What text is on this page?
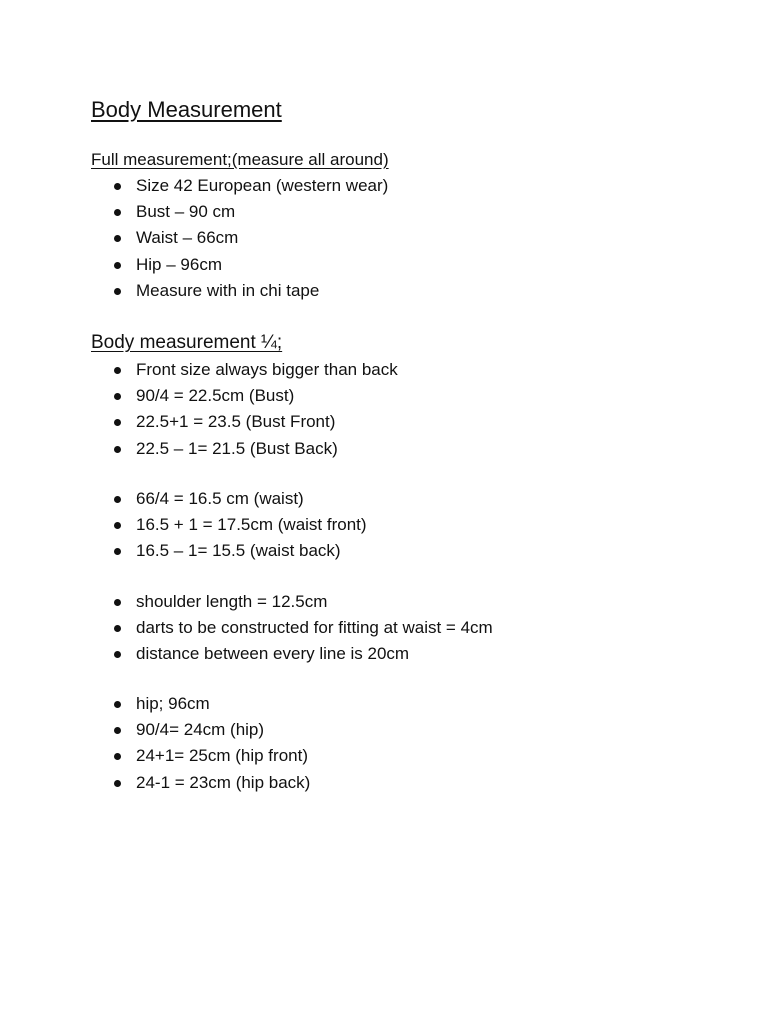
Body Measurement
Full measurement;(measure all around)
Size 42 European (western wear)
Bust – 90 cm
Waist – 66cm
Hip – 96cm
Measure with in chi tape
Body measurement ¼;
Front size always bigger than back
90/4 = 22.5cm (Bust)
22.5+1 = 23.5 (Bust Front)
22.5 – 1= 21.5 (Bust Back)
66/4 = 16.5 cm (waist)
16.5 + 1 = 17.5cm (waist front)
16.5 – 1= 15.5 (waist back)
shoulder length = 12.5cm
darts to be constructed for fitting at waist = 4cm
distance between every line is 20cm
hip; 96cm
90/4= 24cm (hip)
24+1= 25cm (hip front)
24-1 = 23cm (hip back)
